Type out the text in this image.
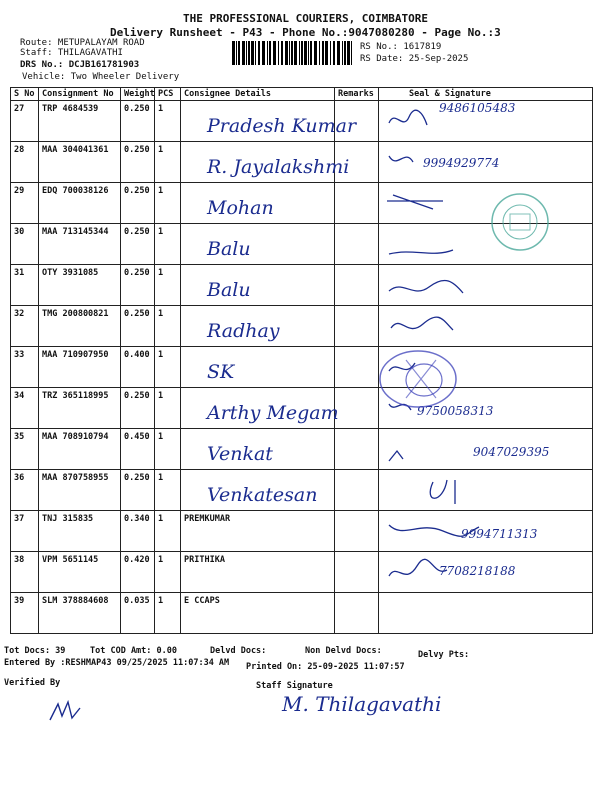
THE PROFESSIONAL COURIERS, COIMBATORE
Delivery Runsheet - P43 - Phone No.:9047080280 - Page No.:3
Route: METUPALAYAM ROAD
Staff: THILAGAVATHI
DRS No.: DCJB161781903
Vehicle: Two Wheeler Delivery
RS No.: 1617819
RS Date: 25-Sep-2025
S No	Consignment No	Weight	PCS	Consignee Details	Remarks	Seal & Signature
27	TRP 4684539	0.250	1	Pradesh Kumar		9486105483

28	MAA 304041361	0.250	1	R. Jayalakshmi		9994929774

29	EDQ 700038126	0.250	1	Mohan

30	MAA 713145344	0.250	1	Balu

31	OTY 3931085	0.250	1	Balu

32	TMG 200800821	0.250	1	Radhay

33	MAA 710907950	0.400	1	SK

34	TRZ 365118995	0.250	1	Arthy Megam		9750058313

35	MAA 708910794	0.450	1	Venkat		9047029395

36	MAA 870758955	0.250	1	Venkatesan

37	TNJ 315835	0.340	1	PREMKUMAR		9994711313

38	VPM 5651145	0.420	1	PRITHIKA		7708218188

39	SLM 378884608	0.035	1	E CCAPS		
Tot Docs: 39	Tot COD Amt: 0.00	Delvd Docs:	Non Delvd Docs:	Delvy Pts:
Entered By :RESHMAP43 09/25/2025 11:07:34 AM Printed On: 25-09-2025 11:07:57
Verified By	Staff Signature
M. Thilagavathi
